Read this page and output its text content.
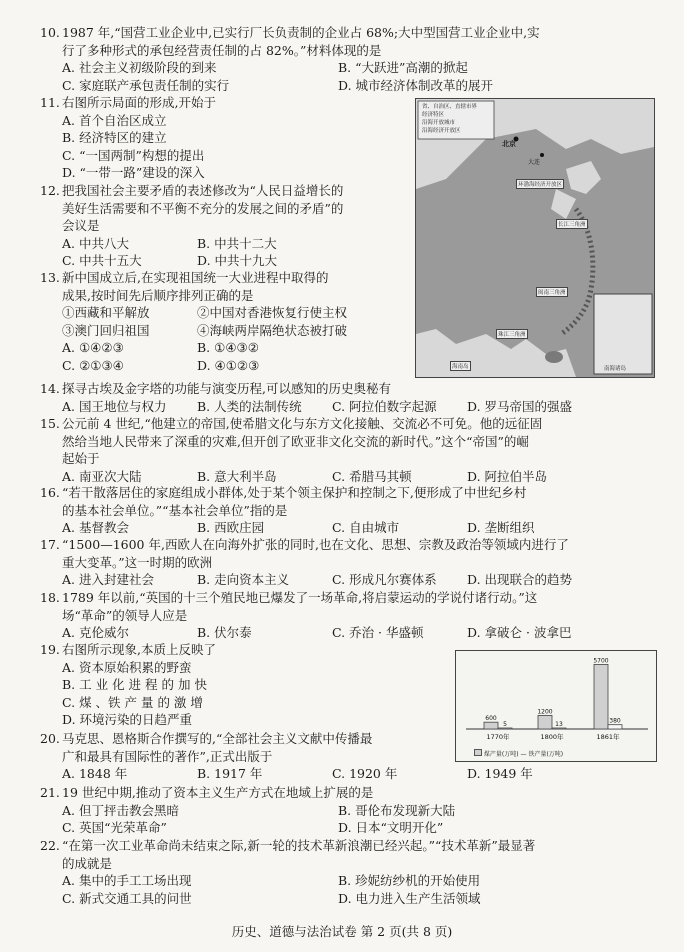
10. 1987 年,“国营工业企业中,已实行厂长负责制的企业占 68%;大中型国营工业企业中,实
行了多种形式的承包经营责任制的占 82%。”材料体现的是
A. 社会主义初级阶段的到来	B. “大跃进”高潮的掀起
C. 家庭联产承包责任制的实行	D. 城市经济体制改革的展开
11. 右图所示局面的形成,开始于
A. 首个自治区成立
B. 经济特区的建立
C. “一国两制”构想的提出
D. “一带一路”建设的深入
12. 把我国社会主要矛盾的表述修改为“人民日益增长的
美好生活需要和不平衡不充分的发展之间的矛盾”的
会议是
A. 中共八大	B. 中共十二大
C. 中共十五大	D. 中共十九大
13. 新中国成立后,在实现祖国统一大业进程中取得的
成果,按时间先后顺序排列正确的是
①西藏和平解放	②中国对香港恢复行使主权
③澳门回归祖国	④海峡两岸隔绝状态被打破
A. ①④②③	B. ①④③②
C. ②①③④	D. ④①②③
省、自治区、直辖市界
经济特区
沿海开放城市
沿海经济开放区
北京
大连
环渤海经济开放区
长江三角洲
闽南三角洲
珠江三角洲
海南岛	南海诸岛
14. 探寻古埃及金字塔的功能与演变历程,可以感知的历史奥秘有
A. 国王地位与权力 B. 人类的法制传统 C. 阿拉伯数字起源 D. 罗马帝国的强盛
15. 公元前 4 世纪,“他建立的帝国,使希腊文化与东方文化接触、交流必不可免。他的远征固
然给当地人民带来了深重的灾难,但开创了欧亚非文化交流的新时代。”这个“帝国”的崛
起始于
A. 南亚次大陆	B. 意大利半岛	C. 希腊马其顿	D. 阿拉伯半岛
16. “若干散落居住的家庭组成小群体,处于某个领主保护和控制之下,便形成了中世纪乡村
的基本社会单位。”“基本社会单位”指的是
A. 基督教会	B. 西欧庄园	C. 自由城市	D. 垄断组织
17. “1500—1600 年,西欧人在向海外扩张的同时,也在文化、思想、宗教及政治等领域内进行了
重大变革。”这一时期的欧洲
A. 进入封建社会	B. 走向资本主义	C. 形成凡尔赛体系 D. 出现联合的趋势
18. 1789 年以前,“英国的十三个殖民地已爆发了一场革命,将启蒙运动的学说付诸行动。”这
场“革命”的领导人应是
A. 克伦威尔	B. 伏尔泰	C. 乔治 · 华盛顿	D. 拿破仑 · 波拿巴
19. 右图所示现象,本质上反映了
A. 资本原始积累的野蛮
B. 工 业 化 进 程 的 加 快
C. 煤 、铁 产 量 的 激 增
D. 环境污染的日趋严重
20. 马克思、恩格斯合作撰写的,“全部社会主义文献中传播最
广和最具有国际性的著作”,正式出版于
A. 1848 年	B. 1917 年	C. 1920 年	D. 1949 年
600
5
1770年
1200
13
1800年
5700
380
1861年
煤产量(万吨) — 铁产量(万吨)
21. 19 世纪中期,推动了资本主义生产方式在地域上扩展的是
A. 但丁抨击教会黑暗	B. 哥伦布发现新大陆
C. 英国“光荣革命”	D. 日本“文明开化”
22. “在第一次工业革命尚未结束之际,新一轮的技术革新浪潮已经兴起。”“技术革新”最显著
的成就是
A. 集中的手工工场出现	B. 珍妮纺纱机的开始使用
C. 新式交通工具的问世	D. 电力进入生产生活领域
历史、道德与法治试卷 第 2 页(共 8 页)
